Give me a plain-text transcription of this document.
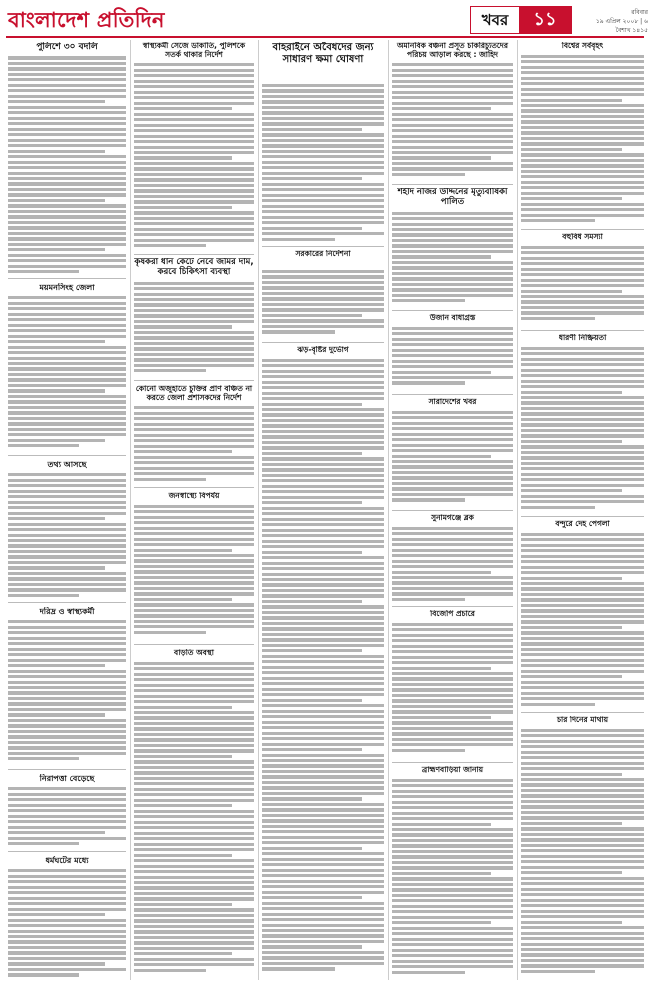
বাংলাদেশ প্রতিদিন	খবর	১১	রবিবার
১৯ এপ্রিল ২০০৮ | ৬ বৈশাখ ১৪১৫
পুলিশে ৩০ বদলি
ময়মনসিংহ জেলা
তথ্য আসছে
দরিদ্র ও স্বাস্থ্যকর্মী
নিরাপত্তা বেড়েছে
ধর্মঘটের মধ্যে
স্বাস্থ্যকর্মী সেজে ডাকাতি, পুলিশকে সতর্ক থাকার নির্দেশ
বাহরাইনে অবৈধদের জন্য সাধারণ ক্ষমা ঘোষণা
কৃষকরা ধান কেটে নেবে জমির দাম, করবে চিকিৎসা ব্যবস্থা
কোনো অজুহাতে চুক্তির প্রাণ বঞ্চিত না করতে জেলা প্রশাসকদের নির্দেশ
জনস্বাস্থ্যে বিপর্যয়
বাড়তি অবস্থা
সরকারের নির্দেশনা
ঝড়-বৃষ্টির দুর্ভোগ
অমানবিক বঞ্চনা প্রসূত চাকরিচ্যুতদের পরিচয় আড়াল করছে : জাহিদ
শহীদ নজির উদ্দিনের মৃত্যুবার্ষিকী পালিত
উজান বাধাগ্রস্ত
সারাদেশের খবর
সুনামগঞ্জে ব্লক
বিজেপি প্রচারে
ব্রাহ্মণবাড়িয়া জানায়
বিশ্বের সর্ববৃহৎ
বহুবিধ সমস্যা
ধারণী নিষ্ক্রিয়তা
বন্দুরে দেহ পেগলা
চার দিনের মাথায়
